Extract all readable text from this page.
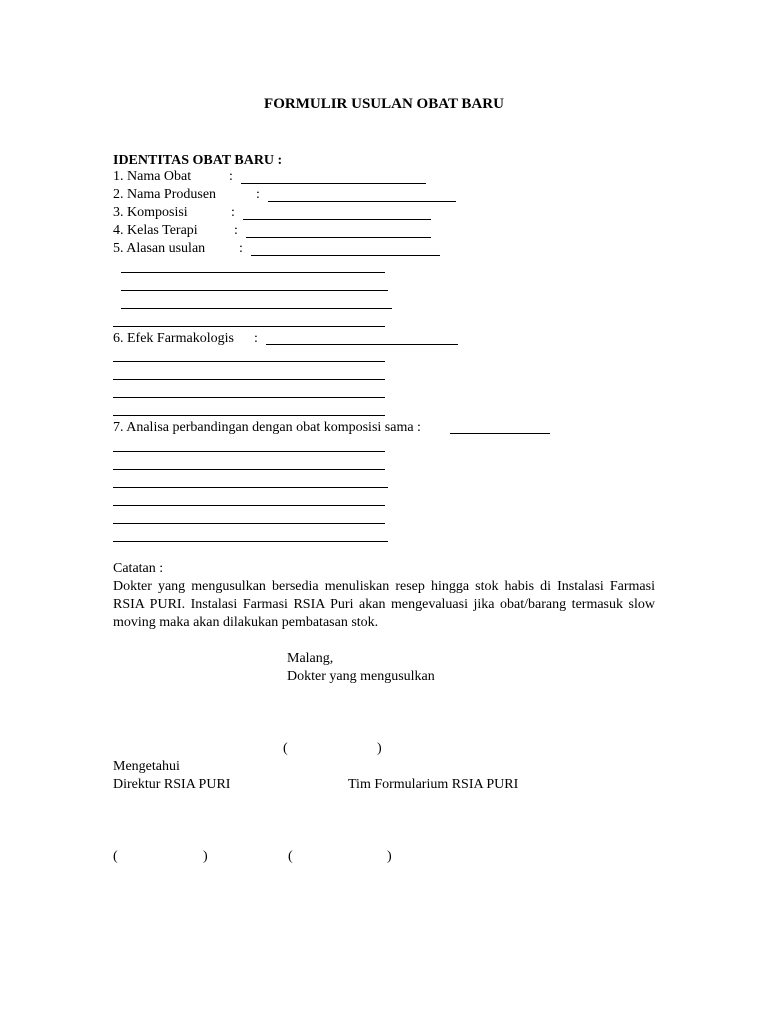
FORMULIR USULAN OBAT BARU
IDENTITAS OBAT BARU :
1. Nama Obat	:
2. Nama Produsen	:
3. Komposisi	:
4. Kelas Terapi	:
5. Alasan usulan :
6. Efek Farmakologis :
7. Analisa perbandingan dengan obat komposisi sama :
Catatan :
Dokter yang mengusulkan bersedia menuliskan resep hingga stok habis di Instalasi Farmasi RSIA PURI. Instalasi Farmasi RSIA Puri akan mengevaluasi jika obat/barang termasuk slow moving maka akan dilakukan pembatasan stok.
Malang,
Dokter yang mengusulkan
(	)
Mengetahui
Direktur RSIA PURI	Tim Formularium RSIA PURI
(	)	(	)
